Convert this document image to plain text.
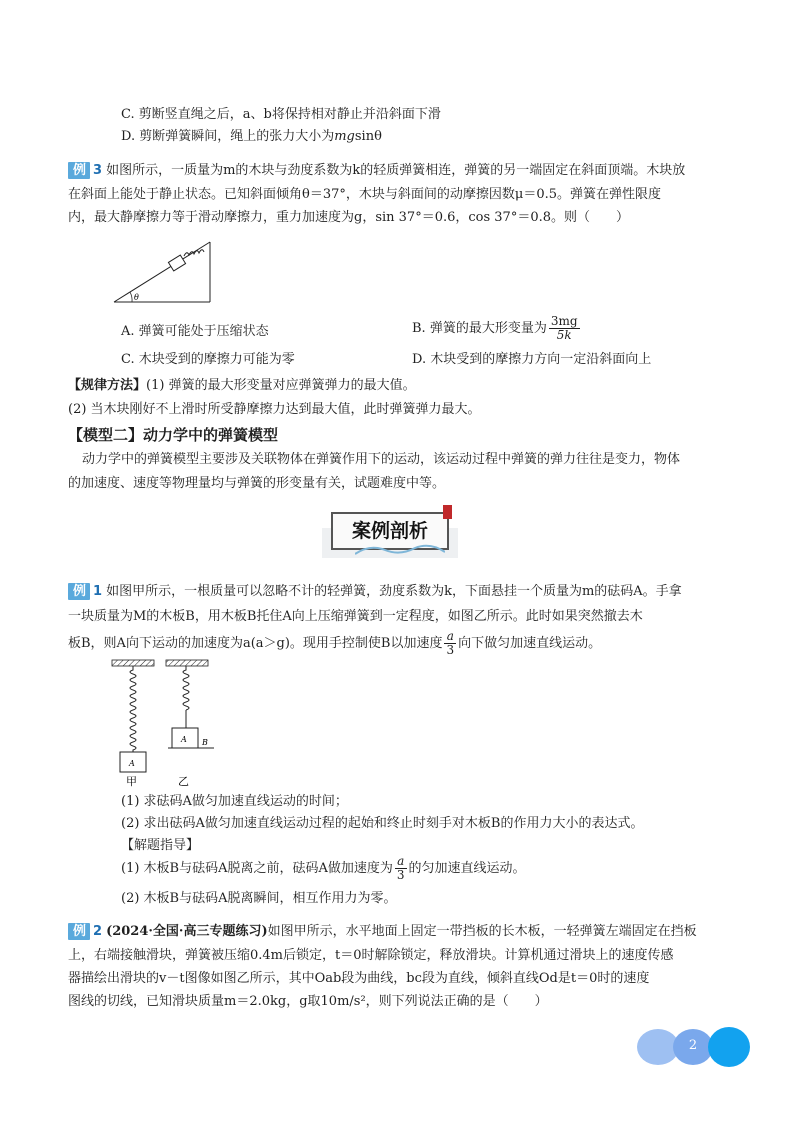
C. 剪断竖直绳之后，a、b将保持相对静止并沿斜面下滑
D. 剪断弹簧瞬间，绳上的张力大小为mgsinθ
例 3 如图所示，一质量为m的木块与劲度系数为k的轻质弹簧相连，弹簧的另一端固定在斜面顶端。木块放
在斜面上能处于静止状态。已知斜面倾角θ＝37°，木块与斜面间的动摩擦因数μ＝0.5。弹簧在弹性限度
内，最大静摩擦力等于滑动摩擦力，重力加速度为g，sin 37°＝0.6，cos 37°＝0.8。则（　　）
θ
A. 弹簧可能处于压缩状态	B. 弹簧的最大形变量为 $\frac{3mg}{5k}$
C. 木块受到的摩擦力可能为零	D. 木块受到的摩擦力方向一定沿斜面向上
【规律方法】(1) 弹簧的最大形变量对应弹簧弹力的最大值。
(2) 当木块刚好不上滑时所受静摩擦力达到最大值，此时弹簧弹力最大。
【模型二】动力学中的弹簧模型
动力学中的弹簧模型主要涉及关联物体在弹簧作用下的运动，该运动过程中弹簧的弹力往往是变力，物体
的加速度、速度等物理量均与弹簧的形变量有关，试题难度中等。
案例剖析
例 1 如图甲所示，一根质量可以忽略不计的轻弹簧，劲度系数为k，下面悬挂一个质量为m的砝码A。手拿
一块质量为M的木板B，用木板B托住A向上压缩弹簧到一定程度，如图乙所示。此时如果突然撤去木
板B，则A向下运动的加速度为a(a＞g)。现用手控制使B以加速度 $\frac{a}{3}$ 向下做匀加速直线运动。
A
A B
甲	乙
(1) 求砝码A做匀加速直线运动的时间；
(2) 求出砝码A做匀加速直线运动过程的起始和终止时刻手对木板B的作用力大小的表达式。
【解题指导】
(1) 木板B与砝码A脱离之前，砝码A做加速度为 $\frac{a}{3}$ 的匀加速直线运动。
(2) 木板B与砝码A脱离瞬间，相互作用力为零。
例 2 (2024·全国·高三专题练习)如图甲所示，水平地面上固定一带挡板的长木板，一轻弹簧左端固定在挡板
上，右端接触滑块，弹簧被压缩0.4m后锁定，t＝0时解除锁定，释放滑块。计算机通过滑块上的速度传感
器描绘出滑块的v－t图像如图乙所示，其中Oab段为曲线，bc段为直线，倾斜直线Od是t＝0时的速度
图线的切线，已知滑块质量m＝2.0kg，g取10m/s²，则下列说法正确的是（　　）
2
